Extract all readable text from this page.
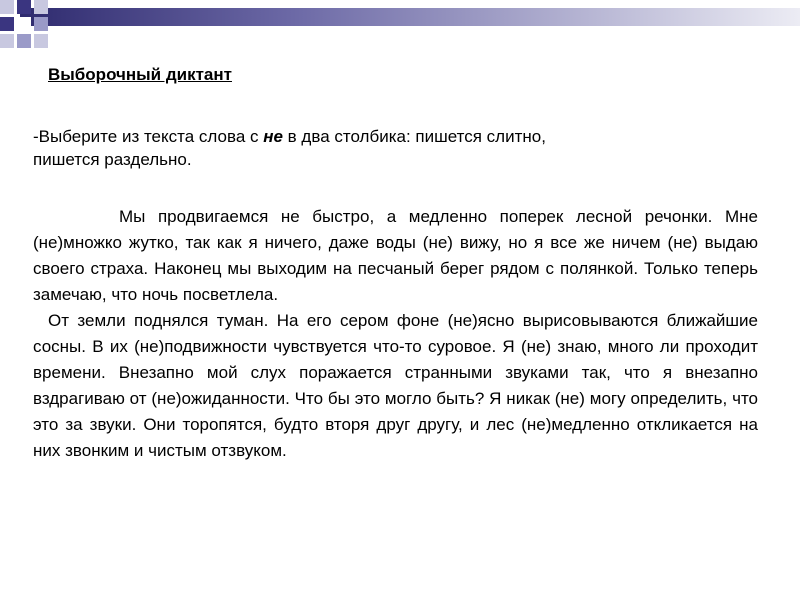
Выборочный диктант
-Выберите из текста слова с не в два столбика: пишется слитно,
пишется раздельно.

Мы продвигаемся не быстро, а медленно поперек лесной речонки. Мне (не)множко жутко, так как я ничего, даже воды (не) вижу, но я все же ничем (не) выдаю своего страха. Наконец мы выходим на песчаный берег рядом с полянкой. Только теперь замечаю, что ночь посветлела.

От земли поднялся туман. На его сером фоне (не)ясно вырисовываются ближайшие сосны. В их (не)подвижности чувствуется что-то суровое. Я (не) знаю, много ли проходит времени. Внезапно мой слух поражается странными звуками так, что я внезапно вздрагиваю от (не)ожиданности. Что бы это могло быть? Я никак (не) могу определить, что это за звуки. Они торопятся, будто вторя друг другу, и лес (не)медленно откликается на них звонким и чистым отзвуком.
